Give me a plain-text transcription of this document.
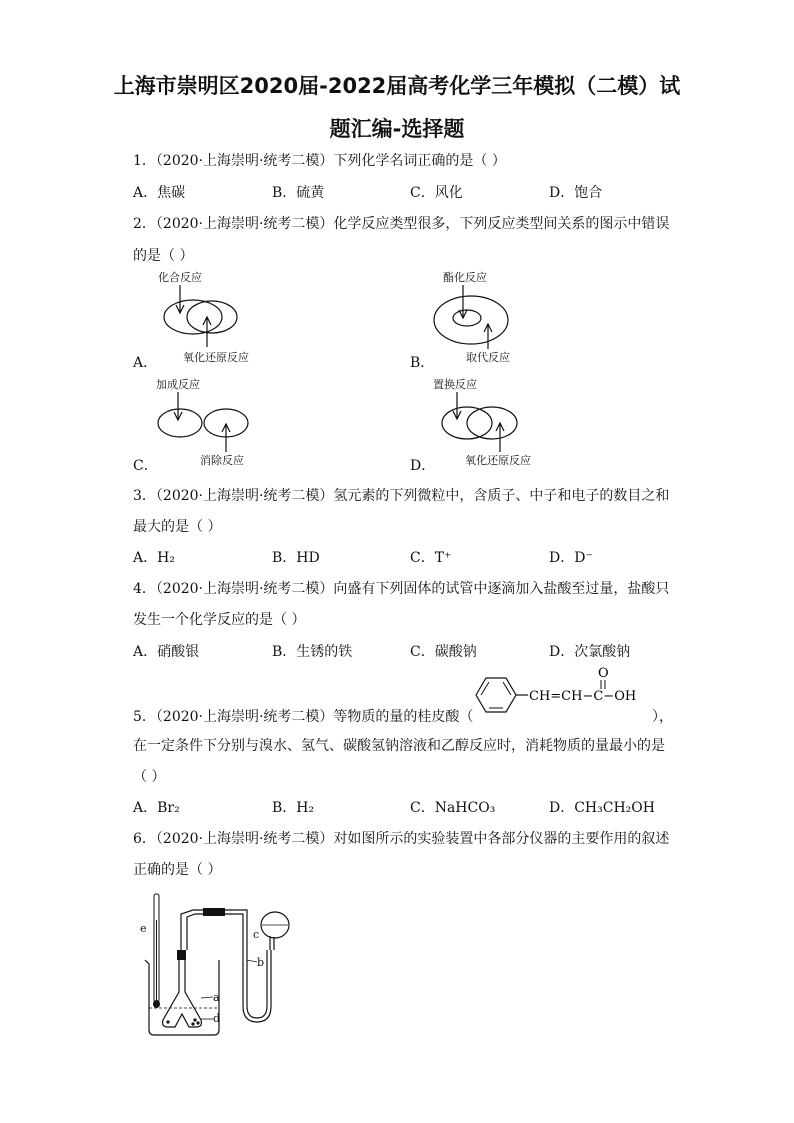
上海市崇明区2020届-2022届高考化学三年模拟（二模）试
题汇编-选择题
1．（2020·上海崇明·统考二模）下列化学名词正确的是（ ）
A．焦碳	B．硫黄	C．风化	D．饱合
2．（2020·上海崇明·统考二模）化学反应类型很多，下列反应类型间关系的图示中错误
的是（ ）
A．
化合反应
氧化还原反应	B．
酯化反应
取代反应
C．
加成反应
消除反应	D．
置换反应
氧化还原反应
3．（2020·上海崇明·统考二模）氢元素的下列微粒中，含质子、中子和电子的数目之和
最大的是（ ）
A．H₂	B．HD	C．T⁺	D．D⁻
4．（2020·上海崇明·统考二模）向盛有下列固体的试管中逐滴加入盐酸至过量，盐酸只
发生一个化学反应的是（ ）
A．硝酸银	B．生锈的铁	C．碳酸钠	D．次氯酸钠
5．（2020·上海崇明·统考二模）等物质的量的桂皮酸（
CH=CH−C−OH
O
），
在一定条件下分别与溴水、氢气、碳酸氢钠溶液和乙醇反应时，消耗物质的量最小的是
（ ）
A．Br₂	B．H₂	C．NaHCO₃	D．CH₃CH₂OH
6．（2020·上海崇明·统考二模）对如图所示的实验装置中各部分仪器的主要作用的叙述
正确的是（ ）
e
a
d
b
c
